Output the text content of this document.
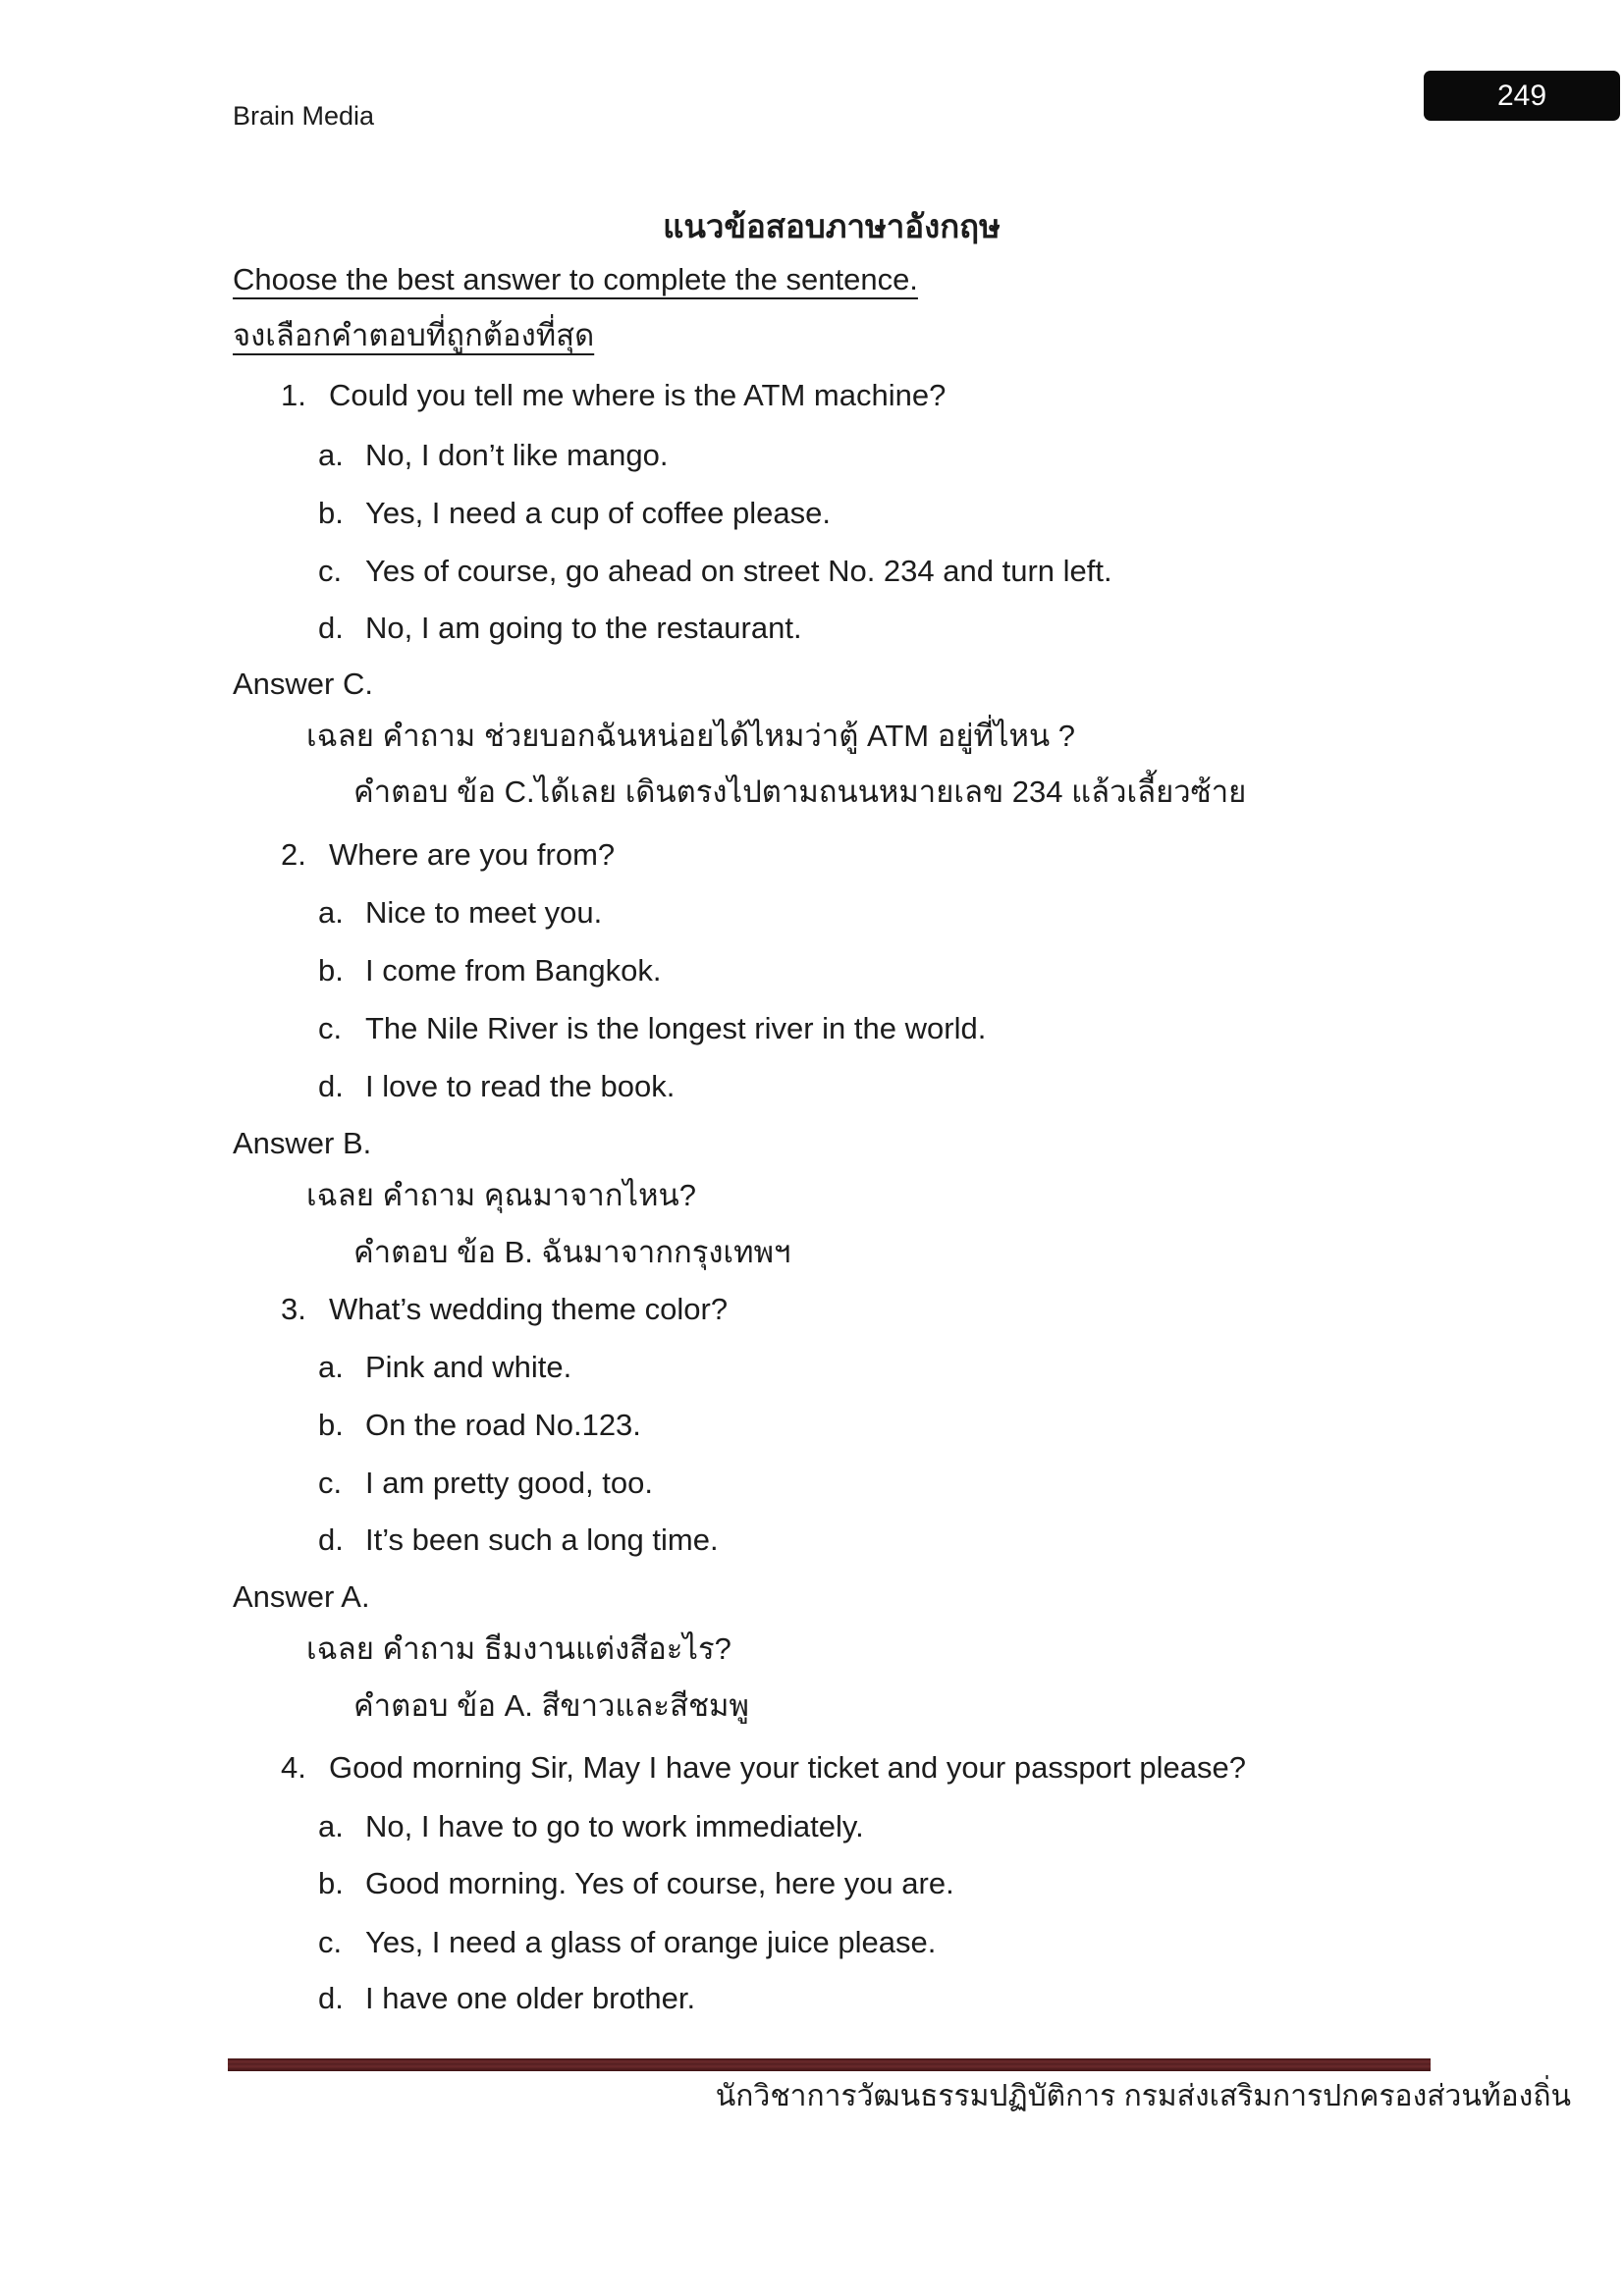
Brain Media
249
แนวข้อสอบภาษาอังกฤษ
Choose the best answer to complete the sentence.
จงเลือกคำตอบที่ถูกต้องที่สุด
1. Could you tell me where is the ATM machine?
a. No, I don’t like mango.
b. Yes, I need a cup of coffee please.
c. Yes of course, go ahead on street No. 234 and turn left.
d. No, I am going to the restaurant.
Answer C.
เฉลย คำถาม ช่วยบอกฉันหน่อยได้ไหมว่าตู้ ATM อยู่ที่ไหน ?
คำตอบ ข้อ C.ได้เลย เดินตรงไปตามถนนหมายเลข 234 แล้วเลี้ยวซ้าย
2. Where are you from?
a. Nice to meet you.
b. I come from Bangkok.
c. The Nile River is the longest river in the world.
d. I love to read the book.
Answer B.
เฉลย คำถาม คุณมาจากไหน?
คำตอบ ข้อ B. ฉันมาจากกรุงเทพฯ
3. What’s wedding theme color?
a. Pink and white.
b. On the road No.123.
c. I am pretty good, too.
d. It’s been such a long time.
Answer A.
เฉลย คำถาม ธีมงานแต่งสีอะไร?
คำตอบ ข้อ A. สีขาวและสีชมพู
4. Good morning Sir, May I have your ticket and your passport please?
a. No, I have to go to work immediately.
b. Good morning. Yes of course, here you are.
c. Yes, I need a glass of orange juice please.
d. I have one older brother.
นักวิชาการวัฒนธรรมปฏิบัติการ กรมส่งเสริมการปกครองส่วนท้องถิ่น
